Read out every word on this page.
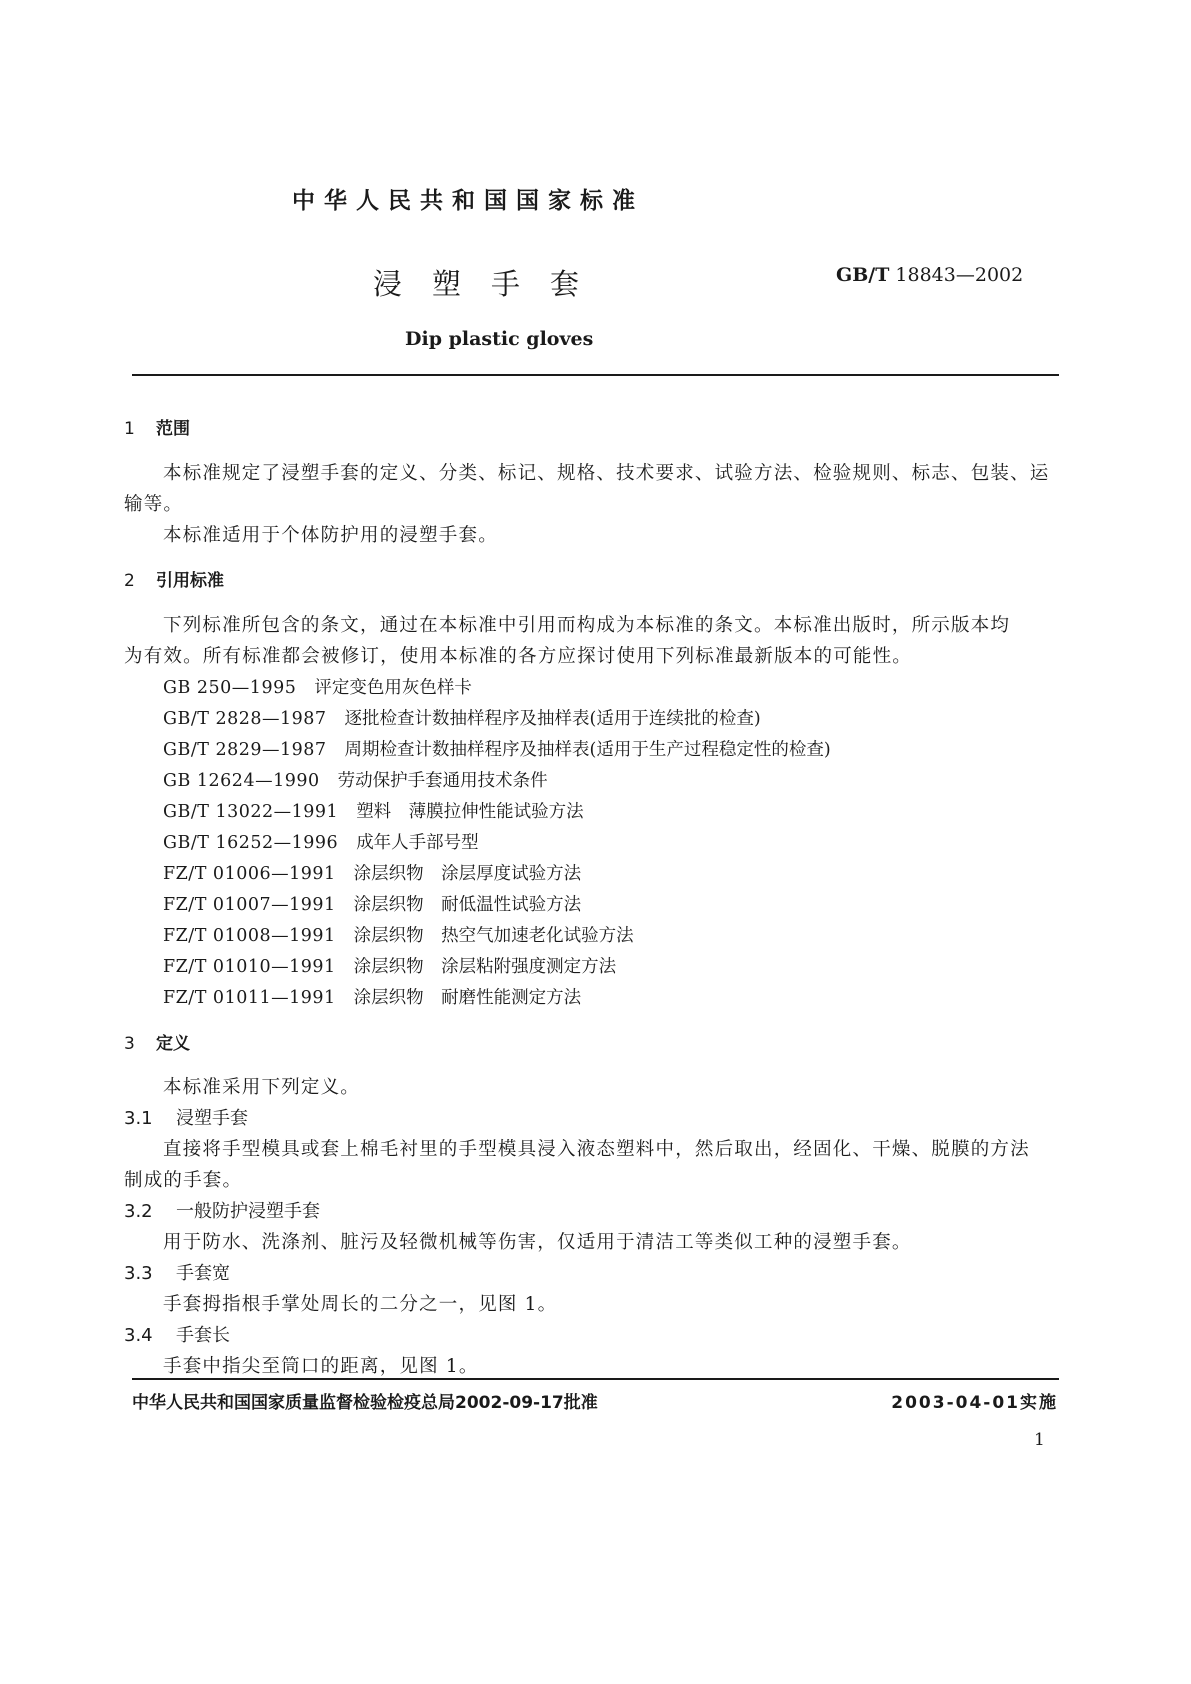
中华人民共和国国家标准
浸塑手套	GB/T 18843—2002
Dip plastic gloves
1 范围
本标准规定了浸塑手套的定义、分类、标记、规格、技术要求、试验方法、检验规则、标志、包装、运
输等。
本标准适用于个体防护用的浸塑手套。
2 引用标准
下列标准所包含的条文，通过在本标准中引用而构成为本标准的条文。本标准出版时，所示版本均
为有效。所有标准都会被修订，使用本标准的各方应探讨使用下列标准最新版本的可能性。
GB 250—1995 评定变色用灰色样卡
GB/T 2828—1987 逐批检查计数抽样程序及抽样表(适用于连续批的检查)
GB/T 2829—1987 周期检查计数抽样程序及抽样表(适用于生产过程稳定性的检查)
GB 12624—1990 劳动保护手套通用技术条件
GB/T 13022—1991 塑料　薄膜拉伸性能试验方法
GB/T 16252—1996 成年人手部号型
FZ/T 01006—1991 涂层织物　涂层厚度试验方法
FZ/T 01007—1991 涂层织物　耐低温性试验方法
FZ/T 01008—1991 涂层织物　热空气加速老化试验方法
FZ/T 01010—1991 涂层织物　涂层粘附强度测定方法
FZ/T 01011—1991 涂层织物　耐磨性能测定方法
3 定义
本标准采用下列定义。
3.1 浸塑手套
直接将手型模具或套上棉毛衬里的手型模具浸入液态塑料中，然后取出，经固化、干燥、脱膜的方法
制成的手套。
3.2 一般防护浸塑手套
用于防水、洗涤剂、脏污及轻微机械等伤害，仅适用于清洁工等类似工种的浸塑手套。
3.3 手套宽
手套拇指根手掌处周长的二分之一，见图 1。
3.4 手套长
手套中指尖至筒口的距离，见图 1。
中华人民共和国国家质量监督检验检疫总局2002-09-17批准	2003-04-01实施
1
